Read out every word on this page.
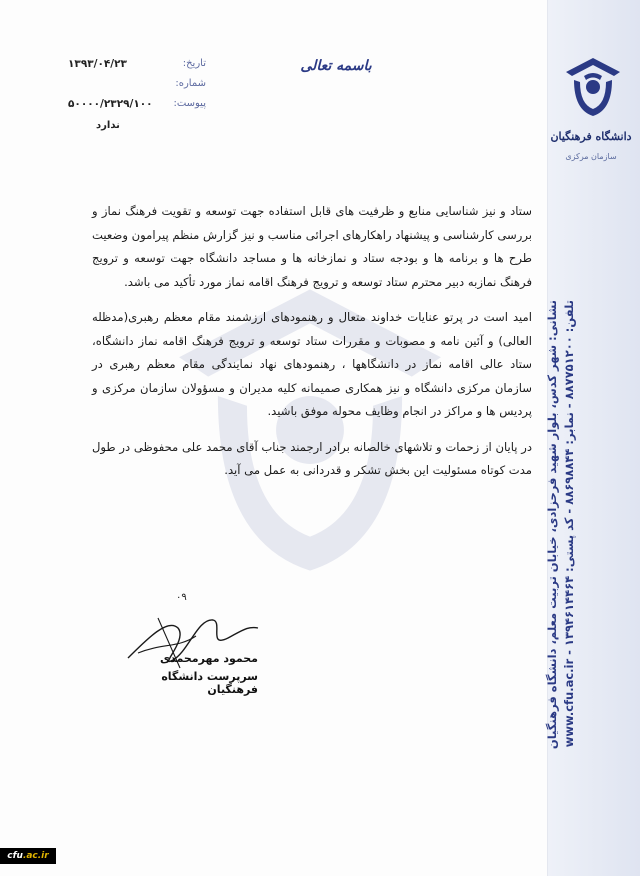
دانشگاه فرهنگیان
سازمان مرکزی
نشانی: شهر کدس، بلوار شهید فرحزادی، خیابان تربیت معلم، دانشگاه فرهنگیان تلفن: ۸۸۷۷۵۱۲۰۰ - نمابر: ۸۸۶۹۸۸۴۴ - کد پستی: ۱۳۹۴۶۱۴۴۶۴ - www.cfu.ac.ir
تاریخ:
۱۳۹۳/۰۴/۲۳
شماره:
پیوست:
۵۰۰۰۰/۲۳۲۹/۱۰۰
ندارد
باسمه تعالی

ستاد و نیز شناسایی منابع و ظرفیت های قابل استفاده جهت توسعه و تقویت فرهنگ نماز و بررسی کارشناسی و پیشنهاد راهکارهای اجرائی مناسب و نیز گزارش منظم پیرامون وضعیت طرح ها و برنامه ها و بودجه ستاد و نمازخانه ها و مساجد دانشگاه جهت توسعه و ترویج فرهنگ نمازبه دبیر محترم ستاد توسعه و ترویج فرهنگ اقامه نماز مورد تأکید می باشد.

امید است در پرتو عنایات خداوند متعال و رهنمودهای ارزشمند مقام معظم رهبری(مدظله العالی) و آئین نامه و مصوبات و مقررات ستاد توسعه و ترویج فرهنگ اقامه نماز دانشگاه، ستاد عالی اقامه نماز در دانشگاهها ، رهنمودهای نهاد نمایندگی مقام معظم رهبری در سازمان مرکزی دانشگاه و نیز همکاری صمیمانه کلیه مدیران و مسؤولان سازمان مرکزی و پردیس ها و مراکز در انجام وظایف محوله موفق باشید.

در پایان از زحمات و تلاشهای خالصانه برادر ارجمند جناب آقای محمد علی محفوظی در طول مدت کوتاه مسئولیت این بخش تشکر و قدردانی به عمل می آید.

۰۹
محمود مهرمحمدی
سرپرست دانشگاه فرهنگیان
cfu.ac.ir
